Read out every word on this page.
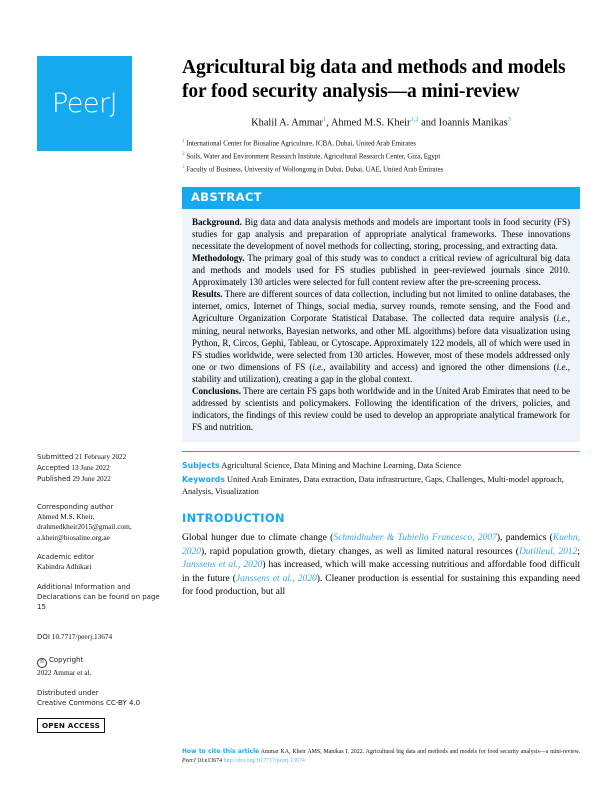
PeerJ
Submitted 21 February 2022
Accepted 13 June 2022
Published 29 June 2022
Corresponding author
Ahmed M.S. Kheir, drahmedkheir2015@gmail.com, a.kheir@biosaline.org.ae
Academic editor
Kabindra Adhikari
Additional Information and Declarations can be found on page 15
DOI 10.7717/peerj.13674
© Copyright
2022 Ammar et al.
Distributed under
Creative Commons CC-BY 4.0
OPEN ACCESS
Agricultural big data and methods and models for food security analysis—a mini-review
Khalil A. Ammar$^1$, Ahmed M.S. Kheir$^{1,2}$ and Ioannis Manikas$^3$
$^1$ International Center for Biosaline Agriculture, ICBA, Dubai, United Arab Emirates
$^2$ Soils, Water and Environment Research Institute, Agricultural Research Center, Giza, Egypt
$^3$ Faculty of Business, University of Wollongong in Dubai, Dubai, UAE, United Arab Emirates
ABSTRACT

Background. Big data and data analysis methods and models are important tools in food security (FS) studies for gap analysis and preparation of appropriate analytical frameworks. These innovations necessitate the development of novel methods for collecting, storing, processing, and extracting data.

Methodology. The primary goal of this study was to conduct a critical review of agricultural big data and methods and models used for FS studies published in peer-reviewed journals since 2010. Approximately 130 articles were selected for full content review after the pre-screening process.

Results. There are different sources of data collection, including but not limited to online databases, the internet, omics, Internet of Things, social media, survey rounds, remote sensing, and the Food and Agriculture Organization Corporate Statistical Database. The collected data require analysis (i.e., mining, neural networks, Bayesian networks, and other ML algorithms) before data visualization using Python, R, Circos, Gephi, Tableau, or Cytoscape. Approximately 122 models, all of which were used in FS studies worldwide, were selected from 130 articles. However, most of these models addressed only one or two dimensions of FS (i.e., availability and access) and ignored the other dimensions (i.e., stability and utilization), creating a gap in the global context.

Conclusions. There are certain FS gaps both worldwide and in the United Arab Emirates that need to be addressed by scientists and policymakers. Following the identification of the drivers, policies, and indicators, the findings of this review could be used to develop an appropriate analytical framework for FS and nutrition.

Subjects Agricultural Science, Data Mining and Machine Learning, Data Science
Keywords United Arab Emirates, Data extraction, Data infrastructure, Gaps, Challenges, Multi-model approach, Analysis, Visualization
INTRODUCTION
Global hunger due to climate change (Schmidhuber & Tubiello Francesco, 2007), pandemics (Kuehn, 2020), rapid population growth, dietary changes, as well as limited natural resources (Dutilleul, 2012; Janssens et al., 2020) has increased, which will make accessing nutritious and affordable food difficult in the future (Janssens et al., 2020). Cleaner production is essential for sustaining this expanding need for food production, but all
How to cite this article Ammar KA, Kheir AMS, Manikas I. 2022. Agricultural big data and methods and models for food security analysis—a mini-review. PeerJ 10:e13674 http://doi.org/10.7717/peerj.13674
